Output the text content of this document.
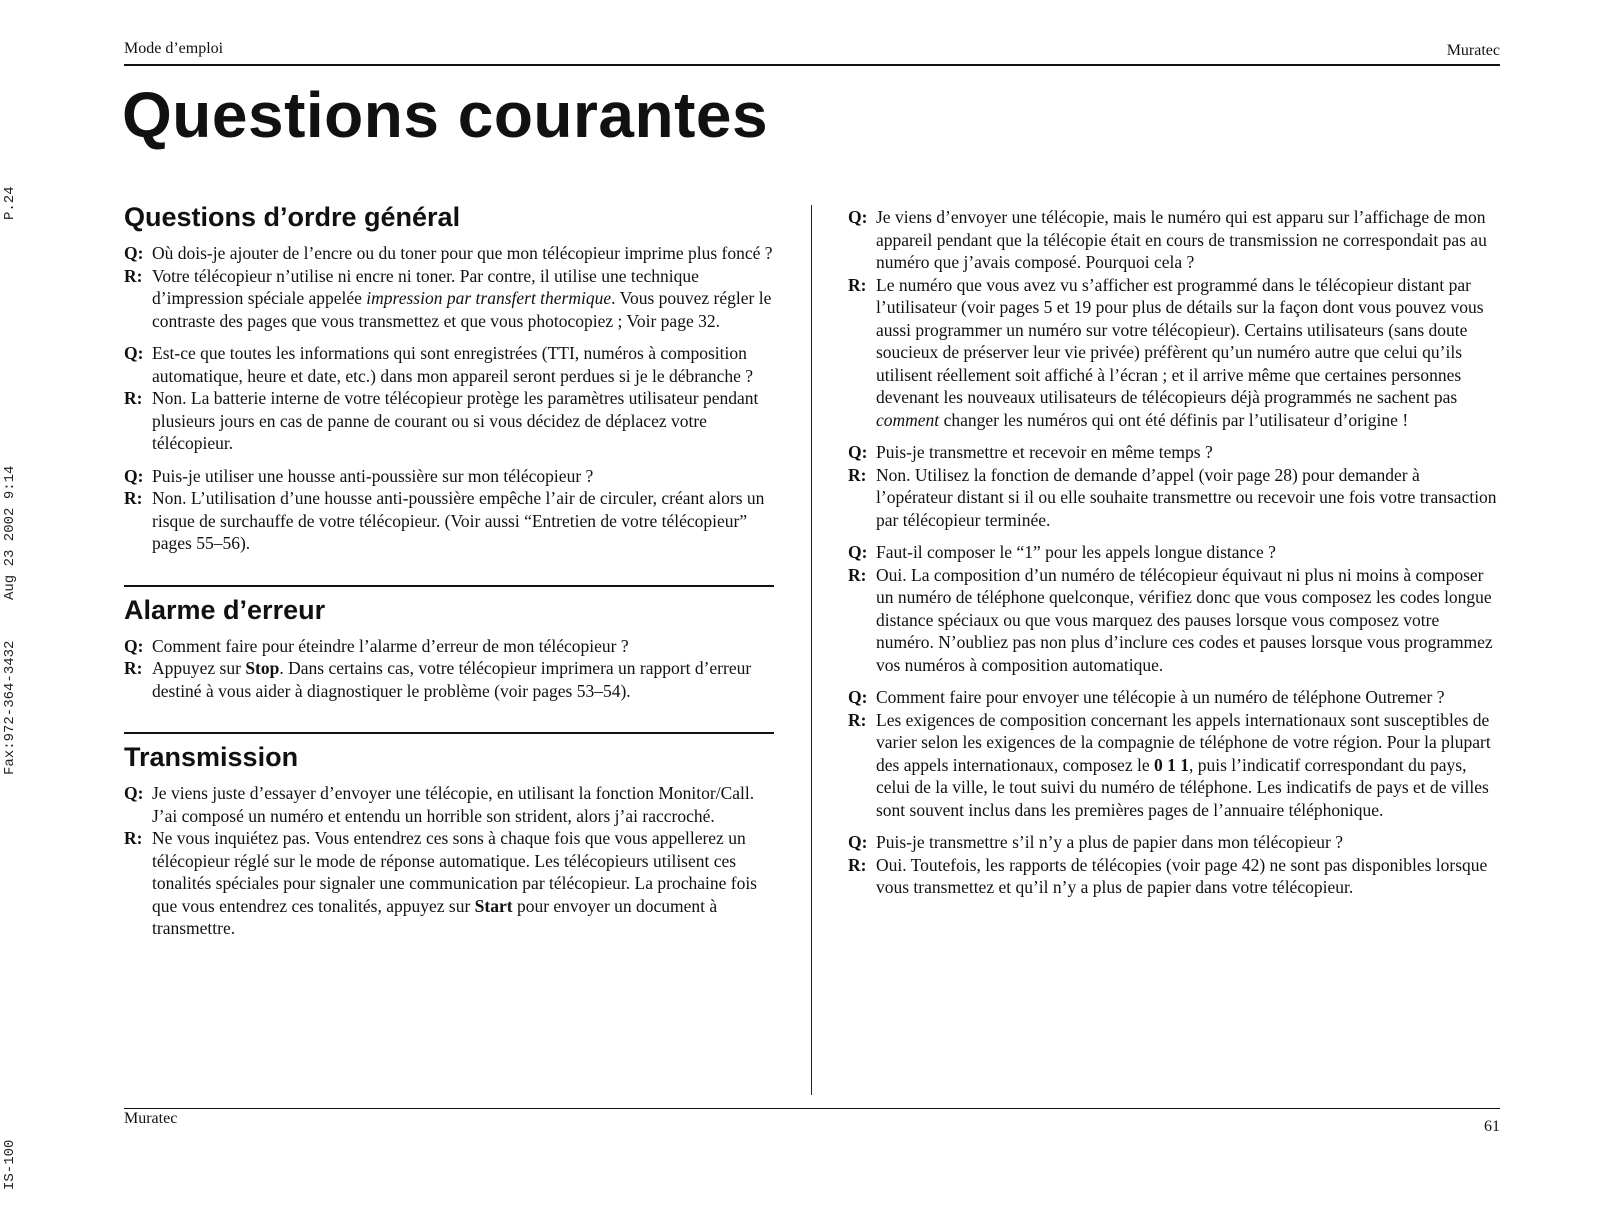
Mode d’emploi	Muratec
Questions courantes
IS-100
Fax:972-364-3432
Aug 23 2002 9:14
P.24	Questions d’ordre général
Q: Où dois-je ajouter de l’encre ou du toner pour que mon télécopieur imprime plus foncé ?
R: Votre télécopieur n’utilise ni encre ni toner. Par contre, il utilise une technique d’impression spéciale appelée impression par transfert thermique. Vous pouvez régler le contraste des pages que vous transmettez et que vous photocopiez ; Voir page 32.
Q: Est-ce que toutes les informations qui sont enregistrées (TTI, numéros à composition automatique, heure et date, etc.) dans mon appareil seront perdues si je le débranche ?
R: Non. La batterie interne de votre télécopieur protège les paramètres utilisateur pendant plusieurs jours en cas de panne de courant ou si vous décidez de déplacez votre télécopieur.
Q: Puis-je utiliser une housse anti-poussière sur mon télécopieur ?
R: Non. L’utilisation d’une housse anti-poussière empêche l’air de circuler, créant alors un risque de surchauffe de votre télécopieur. (Voir aussi “Entretien de votre télécopieur” pages 55–56).
Alarme d’erreur
Q: Comment faire pour éteindre l’alarme d’erreur de mon télécopieur ?
R: Appuyez sur Stop. Dans certains cas, votre télécopieur imprimera un rapport d’erreur destiné à vous aider à diagnostiquer le problème (voir pages 53–54).
Transmission
Q: Je viens juste d’essayer d’envoyer une télécopie, en utilisant la fonction Monitor/Call. J’ai composé un numéro et entendu un horrible son strident, alors j’ai raccroché.
R: Ne vous inquiétez pas. Vous entendrez ces sons à chaque fois que vous appellerez un télécopieur réglé sur le mode de réponse automatique. Les télécopieurs utilisent ces tonalités spéciales pour signaler une communication par télécopieur. La prochaine fois que vous entendrez ces tonalités, appuyez sur Start pour envoyer un document à transmettre.
Q: Je viens d’envoyer une télécopie, mais le numéro qui est apparu sur l’affichage de mon appareil pendant que la télécopie était en cours de transmission ne correspondait pas au numéro que j’avais composé. Pourquoi cela ?
R: Le numéro que vous avez vu s’afficher est programmé dans le télécopieur distant par l’utilisateur (voir pages 5 et 19 pour plus de détails sur la façon dont vous pouvez vous aussi programmer un numéro sur votre télécopieur). Certains utilisateurs (sans doute soucieux de préserver leur vie privée) préfèrent qu’un numéro autre que celui qu’ils utilisent réellement soit affiché à l’écran ; et il arrive même que certaines personnes devenant les nouveaux utilisateurs de télécopieurs déjà programmés ne sachent pas comment changer les numéros qui ont été définis par l’utilisateur d’origine !
Q: Puis-je transmettre et recevoir en même temps ?
R: Non. Utilisez la fonction de demande d’appel (voir page 28) pour demander à l’opérateur distant si il ou elle souhaite transmettre ou recevoir une fois votre transaction par télécopieur terminée.
Q: Faut-il composer le “1” pour les appels longue distance ?
R: Oui. La composition d’un numéro de télécopieur équivaut ni plus ni moins à composer un numéro de téléphone quelconque, vérifiez donc que vous composez les codes longue distance spéciaux ou que vous marquez des pauses lorsque vous composez votre numéro. N’oubliez pas non plus d’inclure ces codes et pauses lorsque vous programmez vos numéros à composition automatique.
Q: Comment faire pour envoyer une télécopie à un numéro de téléphone Outremer ?
R: Les exigences de composition concernant les appels internationaux sont susceptibles de varier selon les exigences de la compagnie de téléphone de votre région. Pour la plupart des appels internationaux, composez le 0 1 1, puis l’indicatif correspondant du pays, celui de la ville, le tout suivi du numéro de téléphone. Les indicatifs de pays et de villes sont souvent inclus dans les premières pages de l’annuaire téléphonique.
Q: Puis-je transmettre s’il n’y a plus de papier dans mon télécopieur ?
R: Oui. Toutefois, les rapports de télécopies (voir page 42) ne sont pas disponibles lorsque vous transmettez et qu’il n’y a plus de papier dans votre télécopieur.
Muratec	61
